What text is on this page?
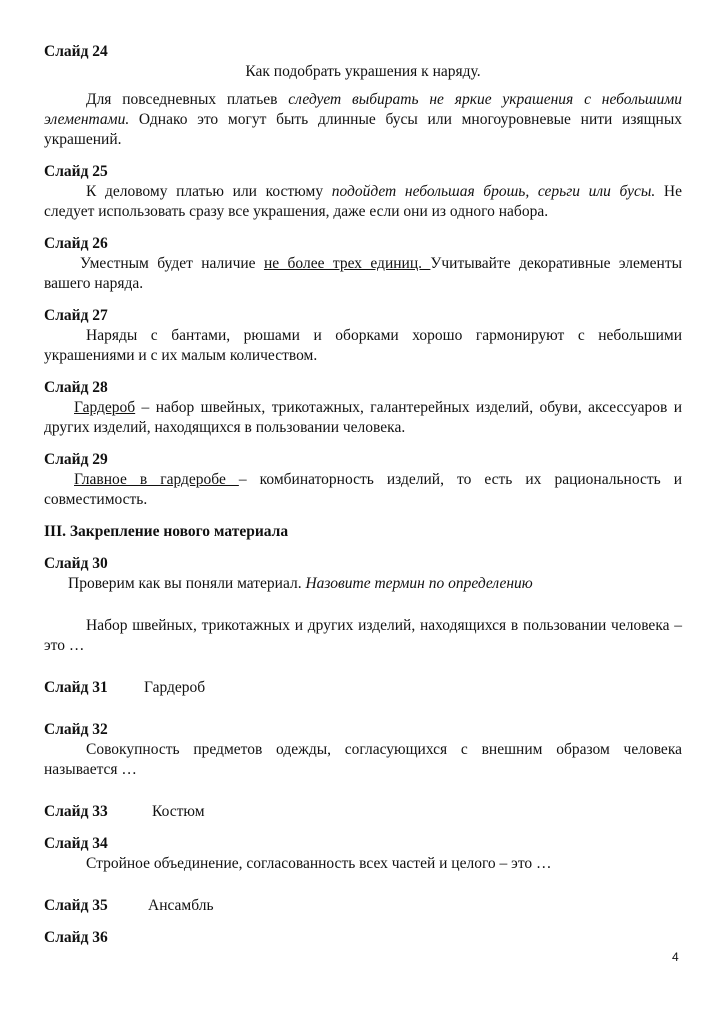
Слайд 24

Как подобрать украшения к наряду.

Для повседневных платьев следует выбирать не яркие украшения с небольшими элементами. Однако это могут быть длинные бусы или многоуровневые нити изящных украшений.

Слайд 25

К деловому платью или костюму подойдет небольшая брошь, серьги или бусы. Не следует использовать сразу все украшения, даже если они из одного набора.

Слайд 26

Уместным будет наличие не более трех единиц. Учитывайте декоративные элементы вашего наряда.

Слайд 27

Наряды с бантами, рюшами и оборками хорошо гармонируют с небольшими украшениями и с их малым количеством.

Слайд 28

Гардероб – набор швейных, трикотажных, галантерейных изделий, обуви, аксессуаров и других изделий, находящихся в пользовании человека.

Слайд 29

Главное в гардеробе – комбинаторность изделий, то есть их рациональность и совместимость.

III. Закрепление нового материала

Слайд 30

Проверим как вы поняли материал. Назовите термин по определению

Набор швейных, трикотажных и других изделий, находящихся в пользовании человека – это …

Слайд 31	Гардероб

Слайд 32

Совокупность предметов одежды, согласующихся с внешним образом человека называется …

Слайд 33	Костюм

Слайд 34

Стройное объединение, согласованность всех частей и целого – это …

Слайд 35	Ансамбль

Слайд 36

4
